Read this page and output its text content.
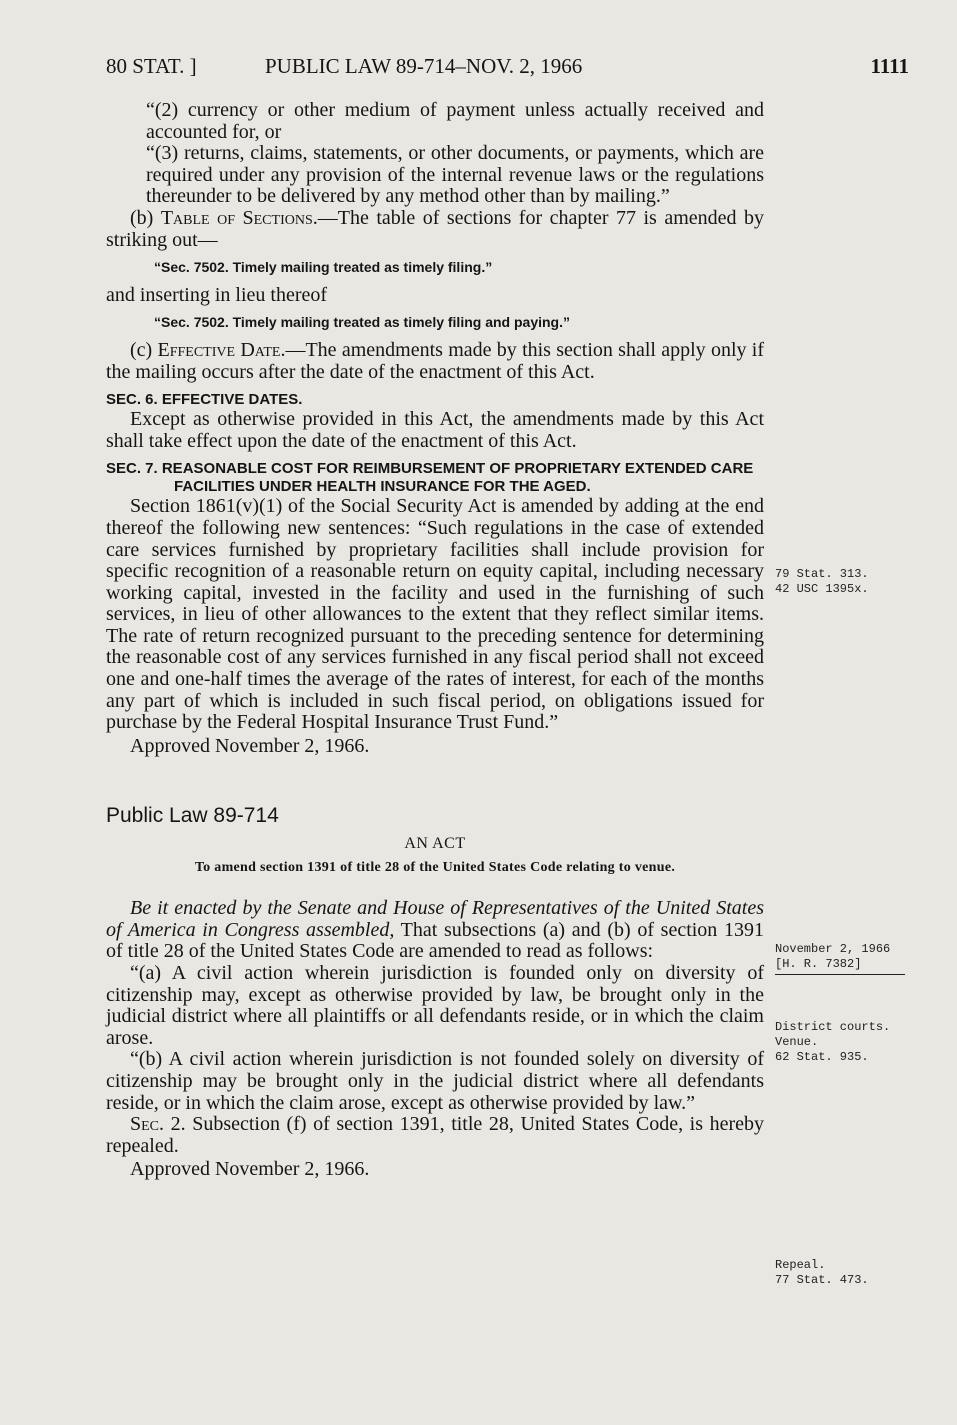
80 STAT. ]	PUBLIC LAW 89-714–NOV. 2, 1966	1111

“(2) currency or other medium of payment unless actually received and accounted for, or

“(3) returns, claims, statements, or other documents, or payments, which are required under any provision of the internal revenue laws or the regulations thereunder to be delivered by any method other than by mailing.”

(b) Table of Sections.—The table of sections for chapter 77 is amended by striking out—

“Sec. 7502. Timely mailing treated as timely filing.”

and inserting in lieu thereof

“Sec. 7502. Timely mailing treated as timely filing and paying.”

(c) Effective Date.—The amendments made by this section shall apply only if the mailing occurs after the date of the enactment of this Act.

SEC. 6. EFFECTIVE DATES.

Except as otherwise provided in this Act, the amendments made by this Act shall take effect upon the date of the enactment of this Act.

SEC. 7. REASONABLE COST FOR REIMBURSEMENT OF PROPRIETARY EXTENDED CARE FACILITIES UNDER HEALTH INSURANCE FOR THE AGED.

Section 1861(v)(1) of the Social Security Act is amended by adding at the end thereof the following new sentences: “Such regulations in the case of extended care services furnished by proprietary facilities shall include provision for specific recognition of a reasonable return on equity capital, including necessary working capital, invested in the facility and used in the furnishing of such services, in lieu of other allowances to the extent that they reflect similar items. The rate of return recognized pursuant to the preceding sentence for determining the reasonable cost of any services furnished in any fiscal period shall not exceed one and one-half times the average of the rates of interest, for each of the months any part of which is included in such fiscal period, on obligations issued for purchase by the Federal Hospital Insurance Trust Fund.”

Approved November 2, 1966.

Public Law 89-714

AN ACT

To amend section 1391 of title 28 of the United States Code relating to venue.

Be it enacted by the Senate and House of Representatives of the United States of America in Congress assembled, That subsections (a) and (b) of section 1391 of title 28 of the United States Code are amended to read as follows:

“(a) A civil action wherein jurisdiction is founded only on diversity of citizenship may, except as otherwise provided by law, be brought only in the judicial district where all plaintiffs or all defendants reside, or in which the claim arose.

“(b) A civil action wherein jurisdiction is not founded solely on diversity of citizenship may be brought only in the judicial district where all defendants reside, or in which the claim arose, except as otherwise provided by law.”

Sec. 2. Subsection (f) of section 1391, title 28, United States Code, is hereby repealed.

Approved November 2, 1966.

79 Stat. 313.
42 USC 1395x.
November 2, 1966
[H. R. 7382]
District courts.
Venue.
62 Stat. 935.
Repeal.
77 Stat. 473.
